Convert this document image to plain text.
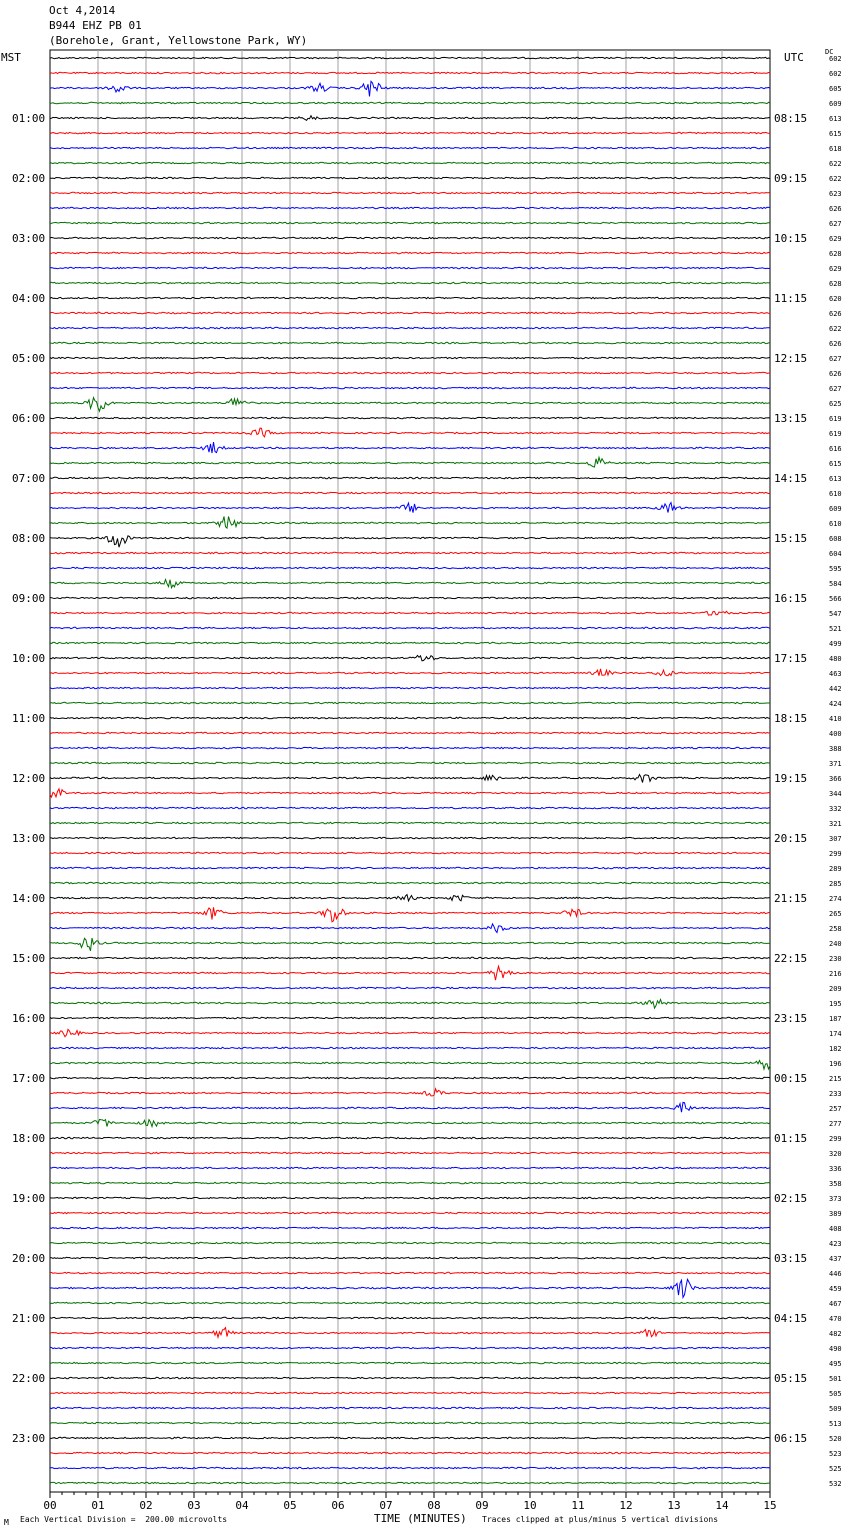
Oct 4,2014
B944 EHZ PB 01
(Borehole, Grant, Yellowstone Park, WY)
MST	UTC	DC
00	01	02	03	04	05	06	07	08	09	10	11	12	13	14	15
602
602
605
609
613
615
618
622
622
623
626
627
629
628
629
628
620
626
622
626
627
626
627
625
619
619
616
615
613
610
609
610
608
604
595
584
566
547
521
499
480
463
442
424
410
400
388
371
366
344
332
321
307
299
289
285
274
265
258
240
230
216
209
195
187
174
182
196
215
233
257
277
299
320
336
358
373
389
408
423
437
446
459
467
470
482
490
495
501
505
509
513
520
523
525
532
01:00
02:00
03:00
04:00
05:00
06:00
07:00
08:00
09:00
10:00
11:00
12:00
13:00
14:00
15:00
16:00
17:00
18:00
19:00
20:00
21:00
22:00
23:00
08:15
09:15
10:15
11:15
12:15
13:15
14:15
15:15
16:15
17:15
18:15
19:15
20:15
21:15
22:15
23:15
00:15
01:15
02:15
03:15
04:15
05:15
06:15
M Each Vertical Division =  200.00 microvolts	TIME (MINUTES) Traces clipped at plus/minus 5 vertical divisions
